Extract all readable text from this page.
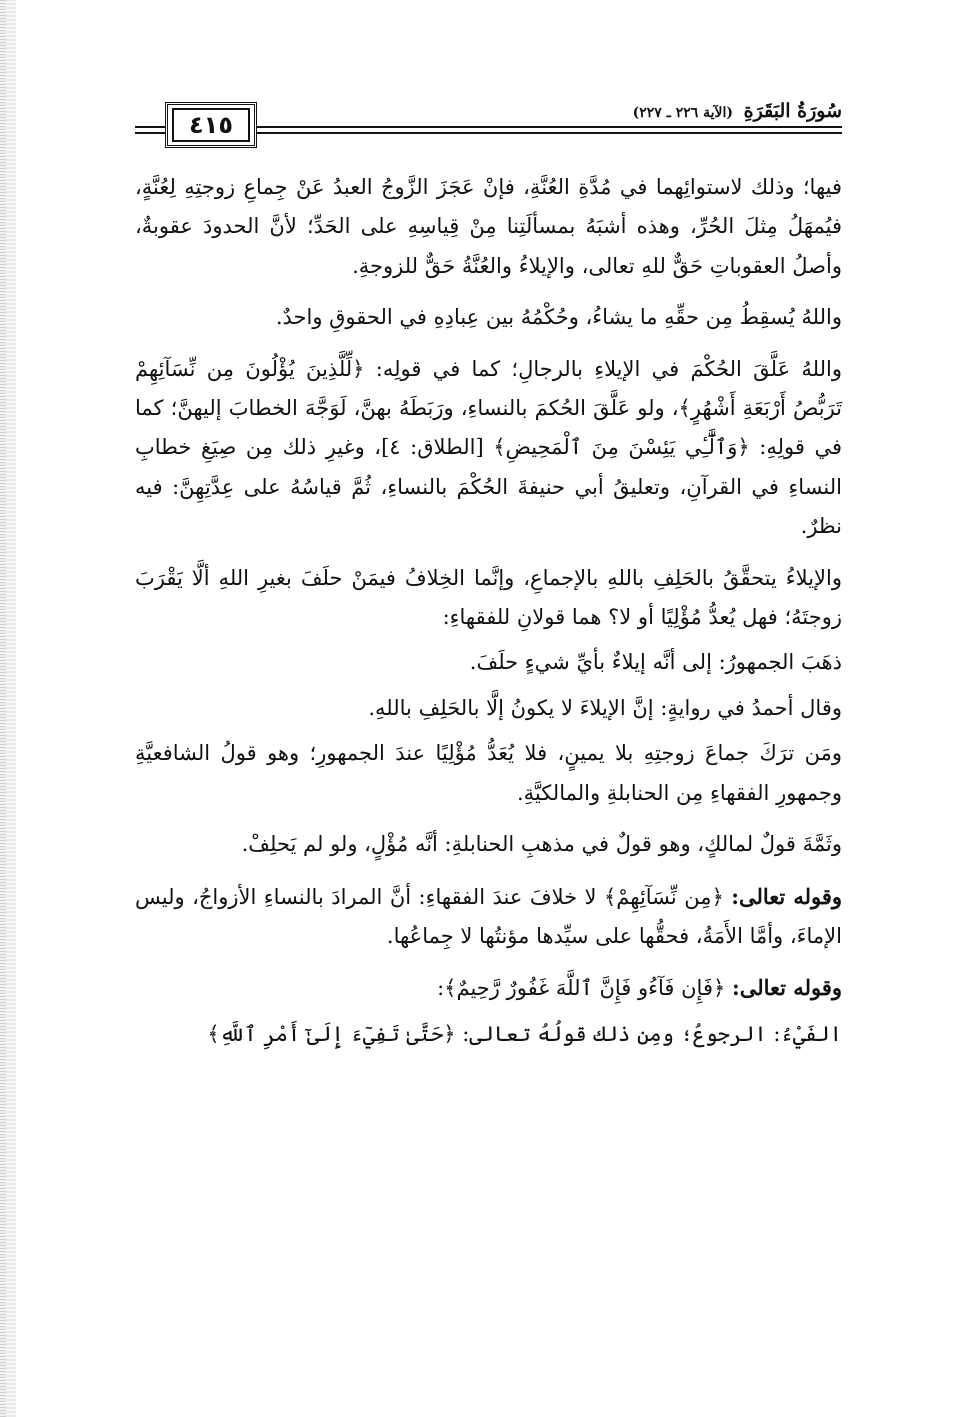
سُورَةُ البَقَرَةِ (الآية ٢٢٦ ـ ٢٢٧)
٤١٥

فيها؛ وذلك لاستوائِهما في مُدَّةِ العُنَّةِ، فإنْ عَجَزَ الزَّوجُ العبدُ عَنْ جِماعِ زوجتِهِ لِعُنَّةٍ، فيُمهَلُ مِثلَ الحُرِّ، وهذه أشبَهُ بمسألَتِنا مِنْ قِياسِهِ على الحَدِّ؛ لأنَّ الحدودَ عقوبةٌ، وأصلُ العقوباتِ حَقٌّ للهِ تعالى، والإيلاءُ والعُنَّةُ حَقٌّ للزوجةِ.

واللهُ يُسقِطُ مِن حقِّهِ ما يشاءُ، وحُكْمُهُ بين عِبادِهِ في الحقوقِ واحدٌ.

واللهُ عَلَّقَ الحُكْمَ في الإيلاءِ بالرجالِ؛ كما في قولِه: ﴿لِّلَّذِينَ يُؤْلُونَ مِن نِّسَآئِهِمْ تَرَبُّصُ أَرْبَعَةِ أَشْهُرٍ﴾، ولو عَلَّقَ الحُكمَ بالنساءِ، ورَبَطَهُ بهنَّ، لَوَجَّهَ الخطابَ إليهنَّ؛ كما في قولِهِ: ﴿وَٱلَّٰٓـِٔي يَئِسْنَ مِنَ ٱلْمَحِيضِ﴾ [الطلاق: ٤]، وغيرِ ذلك مِن صِيَغِ خطابِ النساءِ في القرآنِ، وتعليقُ أبي حنيفةَ الحُكْمَ بالنساءِ، ثُمَّ قياسُهُ على عِدَّتِهِنَّ: فيه نظرٌ.

والإيلاءُ يتحقَّقُ بالحَلِفِ باللهِ بالإجماعِ، وإنَّما الخِلافُ فيمَنْ حلَفَ بغيرِ اللهِ ألَّا يَقْرَبَ زوجتَهُ؛ فهل يُعدُّ مُؤْلِيًا أو لا؟ هما قولانِ للفقهاءِ:

ذهَبَ الجمهورُ: إلى أنَّه إيلاءٌ بأيِّ شيءٍ حلَفَ.

وقال أحمدُ في روايةٍ: إنَّ الإيلاءَ لا يكونُ إلَّا بالحَلِفِ باللهِ.

ومَن ترَكَ جماعَ زوجتِهِ بلا يمينٍ، فلا يُعَدُّ مُؤْلِيًا عندَ الجمهورِ؛ وهو قولُ الشافعيَّةِ وجمهورِ الفقهاءِ مِن الحنابلةِ والمالكيَّةِ.

وثَمَّةَ قولٌ لمالكٍ، وهو قولٌ في مذهبِ الحنابلةِ: أنَّه مُؤْلٍ، ولو لم يَحلِفْ.

وقوله تعالى: ﴿مِن نِّسَآئِهِمْ﴾ لا خلافَ عندَ الفقهاءِ: أنَّ المرادَ بالنساءِ الأزواجُ، وليس الإماءَ، وأمَّا الأَمَةُ، فحقُّها على سيِّدها مؤنتُها لا جِماعُها.

وقوله تعالى: ﴿فَإِن فَآءُو فَإِنَّ ٱللَّهَ غَفُورٌ رَّحِيمٌ﴾:

الفَيْءُ: الرجوعُ؛ ومِن ذلك قولُهُ تعالى: ﴿حَتَّىٰ تَفِيٓءَ إِلَىٰٓ أَمْرِ ٱللَّهِ﴾
